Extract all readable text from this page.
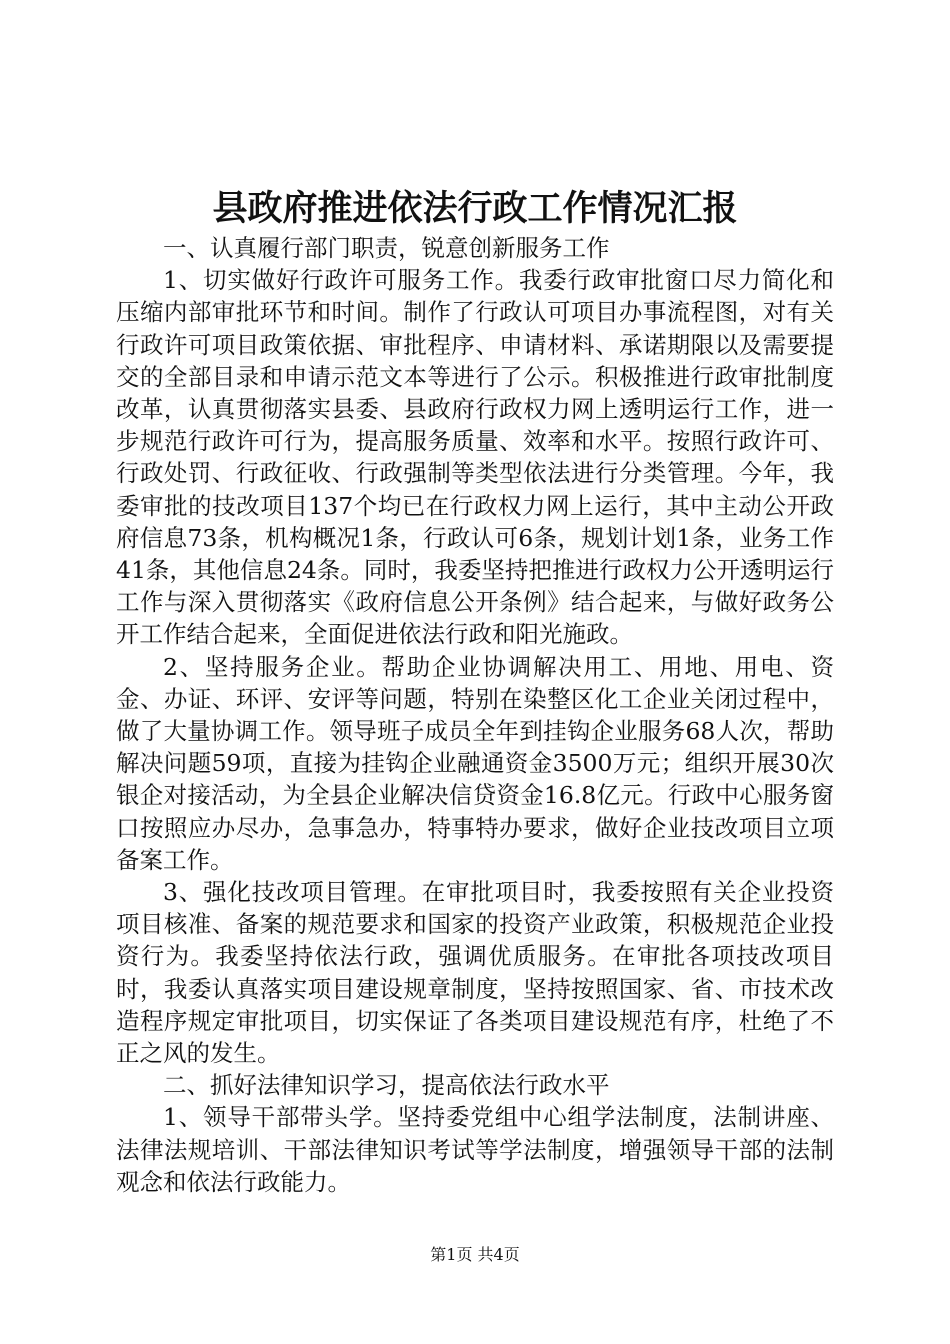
县政府推进依法行政工作情况汇报

一、认真履行部门职责，锐意创新服务工作

1、切实做好行政许可服务工作。我委行政审批窗口尽力简化和压缩内部审批环节和时间。制作了行政认可项目办事流程图，对有关行政许可项目政策依据、审批程序、申请材料、承诺期限以及需要提交的全部目录和申请示范文本等进行了公示。积极推进行政审批制度改革，认真贯彻落实县委、县政府行政权力网上透明运行工作，进一步规范行政许可行为，提高服务质量、效率和水平。按照行政许可、行政处罚、行政征收、行政强制等类型依法进行分类管理。今年，我委审批的技改项目137个均已在行政权力网上运行，其中主动公开政府信息73条，机构概况1条，行政认可6条，规划计划1条，业务工作41条，其他信息24条。同时，我委坚持把推进行政权力公开透明运行工作与深入贯彻落实《政府信息公开条例》结合起来，与做好政务公开工作结合起来，全面促进依法行政和阳光施政。

2、坚持服务企业。帮助企业协调解决用工、用地、用电、资金、办证、环评、安评等问题，特别在染整区化工企业关闭过程中，做了大量协调工作。领导班子成员全年到挂钩企业服务68人次，帮助解决问题59项，直接为挂钩企业融通资金3500万元；组织开展30次银企对接活动，为全县企业解决信贷资金16.8亿元。行政中心服务窗口按照应办尽办，急事急办，特事特办要求，做好企业技改项目立项备案工作。

3、强化技改项目管理。在审批项目时，我委按照有关企业投资项目核准、备案的规范要求和国家的投资产业政策，积极规范企业投资行为。我委坚持依法行政，强调优质服务。在审批各项技改项目时，我委认真落实项目建设规章制度，坚持按照国家、省、市技术改造程序规定审批项目，切实保证了各类项目建设规范有序，杜绝了不正之风的发生。

二、抓好法律知识学习，提高依法行政水平

1、领导干部带头学。坚持委党组中心组学法制度，法制讲座、法律法规培训、干部法律知识考试等学法制度，增强领导干部的法制观念和依法行政能力。

第1页 共4页
